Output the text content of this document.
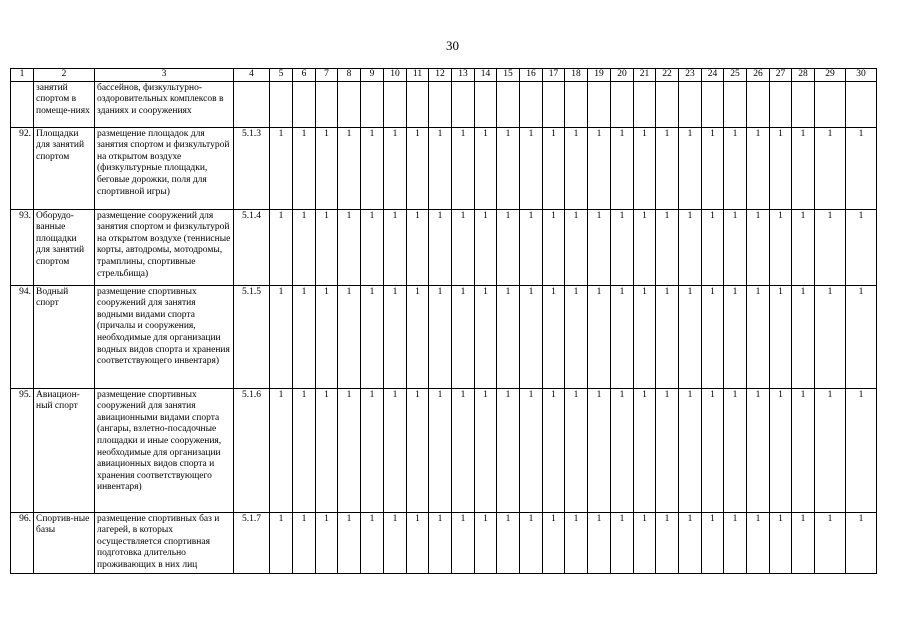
30
1	2	3	4	5	6	7	8	9	10	11	12	13	14	15	16	17	18	19	20	21	22	23	24	25	26	27	28	29	30
	занятий спортом в помеще-ниях	бассейнов, физкультурно-оздоровительных комплексов в зданиях и сооружениях																											
92.	Площадки для занятий спортом	размещение площадок для занятия спортом и физкультурой на открытом воздухе (физкультурные площадки, беговые дорожки, поля для спортивной игры)	5.1.3	1	1	1	1	1	1	1	1	1	1	1	1	1	1	1	1	1	1	1	1	1	1	1	1	1	1
93.	Оборудо-ванные площадки для занятий спортом	размещение сооружений для занятия спортом и физкультурой на открытом воздухе (теннисные корты, автодромы, мотодромы, трамплины, спортивные стрельбища)	5.1.4	1	1	1	1	1	1	1	1	1	1	1	1	1	1	1	1	1	1	1	1	1	1	1	1	1	1
94.	Водный спорт	размещение спортивных сооружений для занятия водными видами спорта (причалы и сооружения, необходимые для организации водных видов спорта и хранения соответствующего инвентаря)	5.1.5	1	1	1	1	1	1	1	1	1	1	1	1	1	1	1	1	1	1	1	1	1	1	1	1	1	1
95.	Авиацион-ный спорт	размещение спортивных сооружений для занятия авиационными видами спорта (ангары, взлетно-посадочные площадки и иные сооружения, необходимые для организации авиационных видов спорта и хранения соответствующего инвентаря)	5.1.6	1	1	1	1	1	1	1	1	1	1	1	1	1	1	1	1	1	1	1	1	1	1	1	1	1	1
96.	Спортив-ные базы	размещение спортивных баз и лагерей, в которых осуществляется спортивная подготовка длительно проживающих в них лиц	5.1.7	1	1	1	1	1	1	1	1	1	1	1	1	1	1	1	1	1	1	1	1	1	1	1	1	1	1
